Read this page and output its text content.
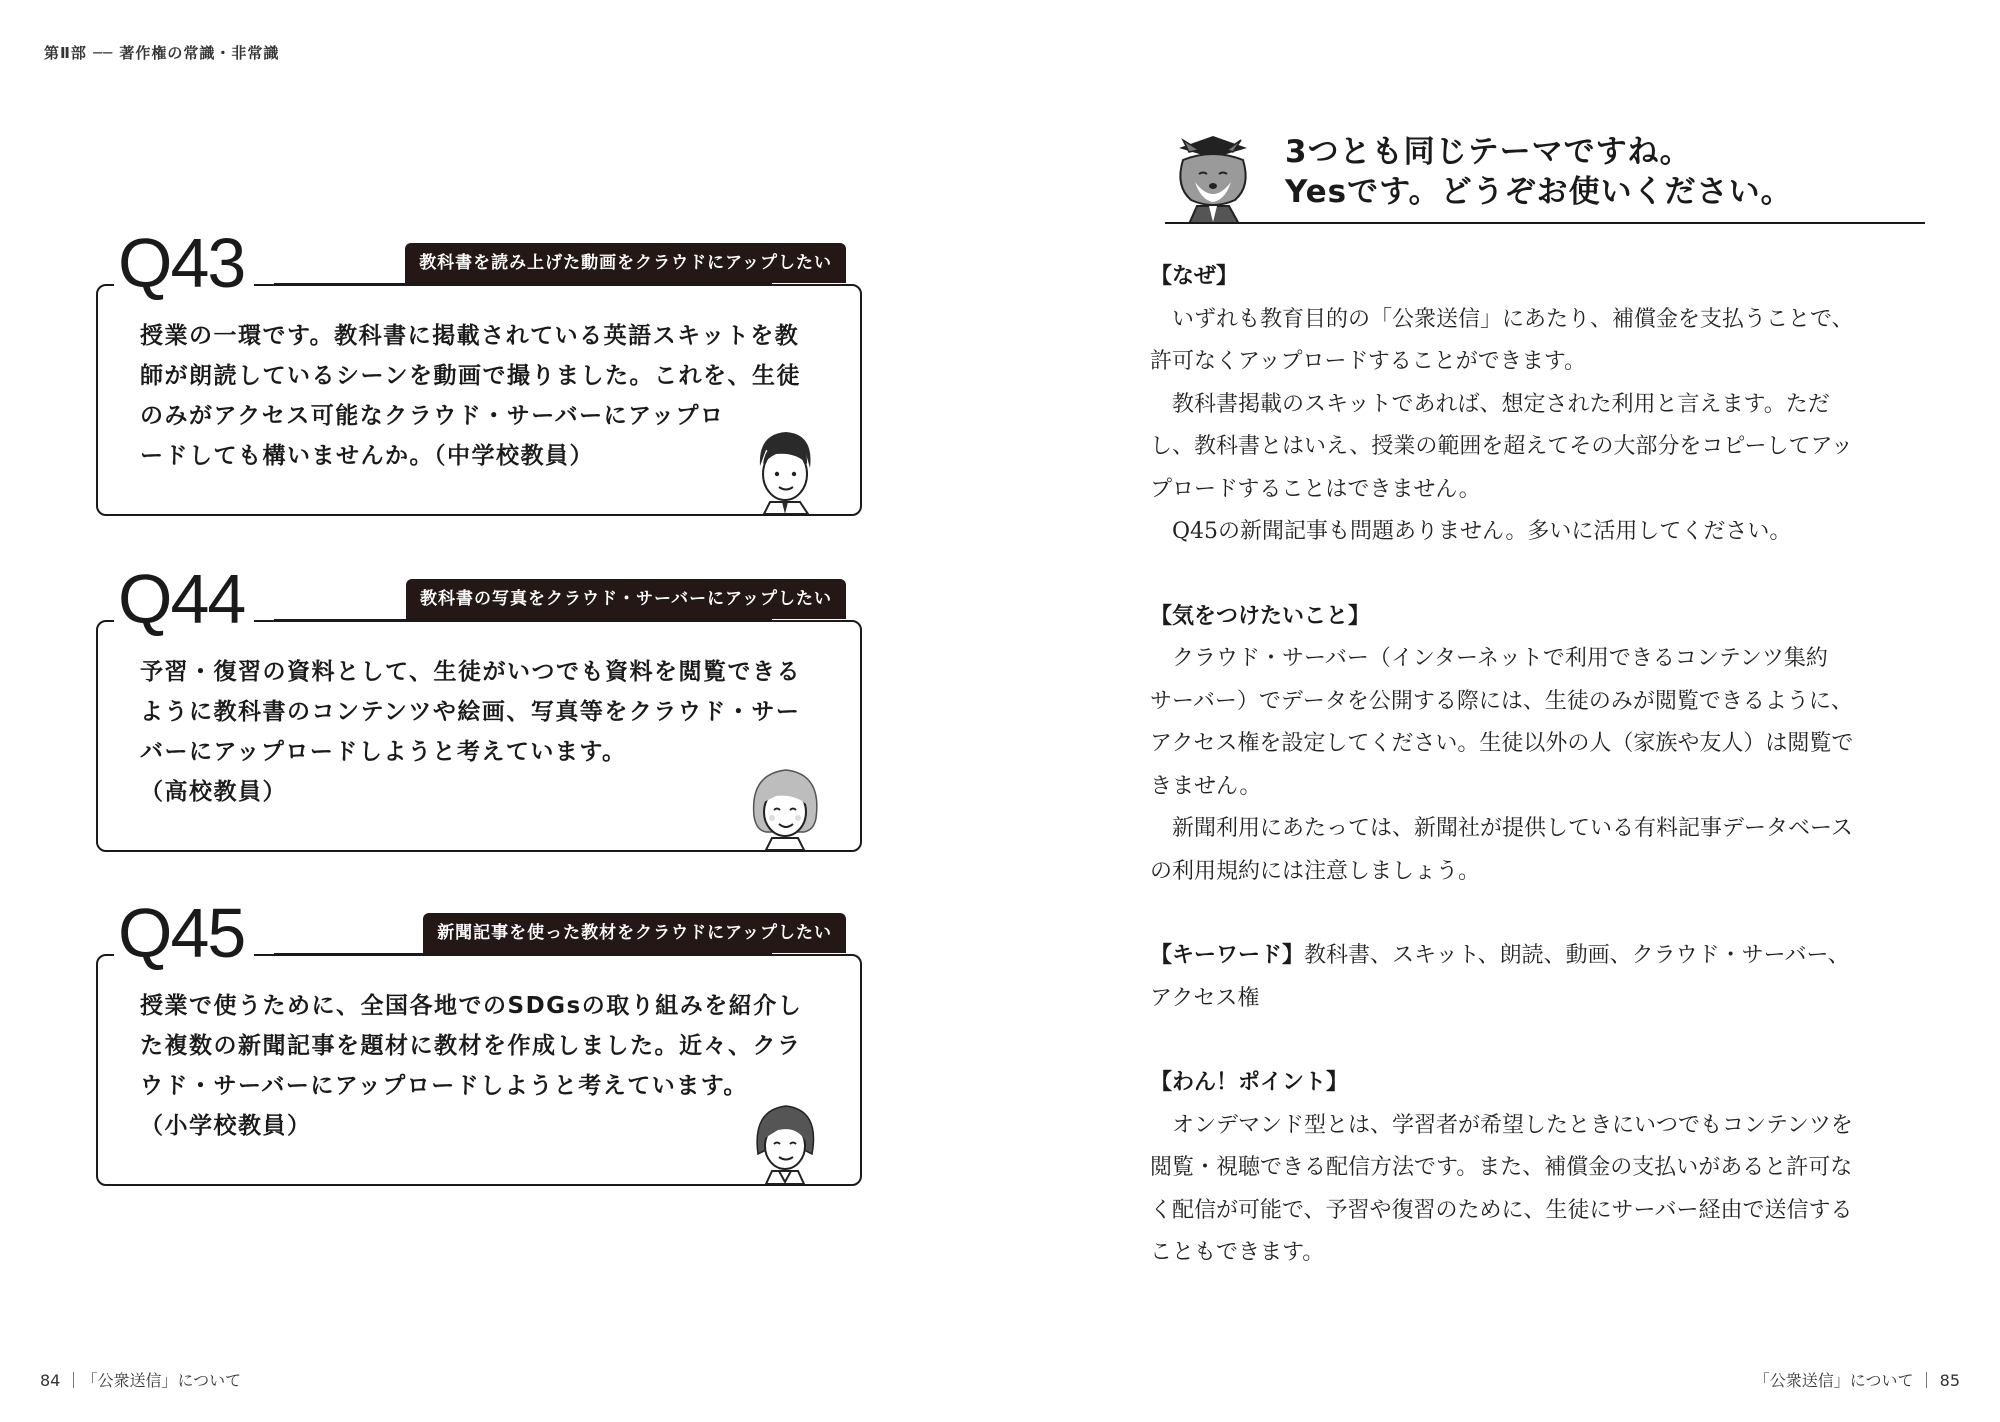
第Ⅱ部 ── 著作権の常識・非常識
Q43	教科書を読み上げた動画をクラウドにアップしたい
授業の一環です。教科書に掲載されている英語スキットを教
師が朗読しているシーンを動画で撮りました。これを、生徒
のみがアクセス可能なクラウド・サーバーにアップロ
ードしても構いませんか。（中学校教員）
Q44	教科書の写真をクラウド・サーバーにアップしたい
予習・復習の資料として、生徒がいつでも資料を閲覧できる
ように教科書のコンテンツや絵画、写真等をクラウド・サー
バーにアップロードしようと考えています。
（高校教員）
Q45	新聞記事を使った教材をクラウドにアップしたい
授業で使うために、全国各地でのSDGsの取り組みを紹介し
た複数の新聞記事を題材に教材を作成しました。近々、クラ
ウド・サーバーにアップロードしようと考えています。
（小学校教員）
3つとも同じテーマですね。
Yesです。どうぞお使いください。
【なぜ】
　いずれも教育目的の「公衆送信」にあたり、補償金を支払うことで、
許可なくアップロードすることができます。
　教科書掲載のスキットであれば、想定された利用と言えます。ただ
し、教科書とはいえ、授業の範囲を超えてその大部分をコピーしてアッ
プロードすることはできません。
　Q45の新聞記事も問題ありません。多いに活用してください。
【気をつけたいこと】
　クラウド・サーバー（インターネットで利用できるコンテンツ集約
サーバー）でデータを公開する際には、生徒のみが閲覧できるように、
アクセス権を設定してください。生徒以外の人（家族や友人）は閲覧で
きません。
　新聞利用にあたっては、新聞社が提供している有料記事データベース
の利用規約には注意しましょう。
【キーワード】教科書、スキット、朗読、動画、クラウド・サーバー、
アクセス権
【わん！ポイント】
　オンデマンド型とは、学習者が希望したときにいつでもコンテンツを
閲覧・視聴できる配信方法です。また、補償金の支払いがあると許可な
く配信が可能で、予習や復習のために、生徒にサーバー経由で送信する
こともできます。
84 ｜「公衆送信」について	「公衆送信」について ｜ 85
